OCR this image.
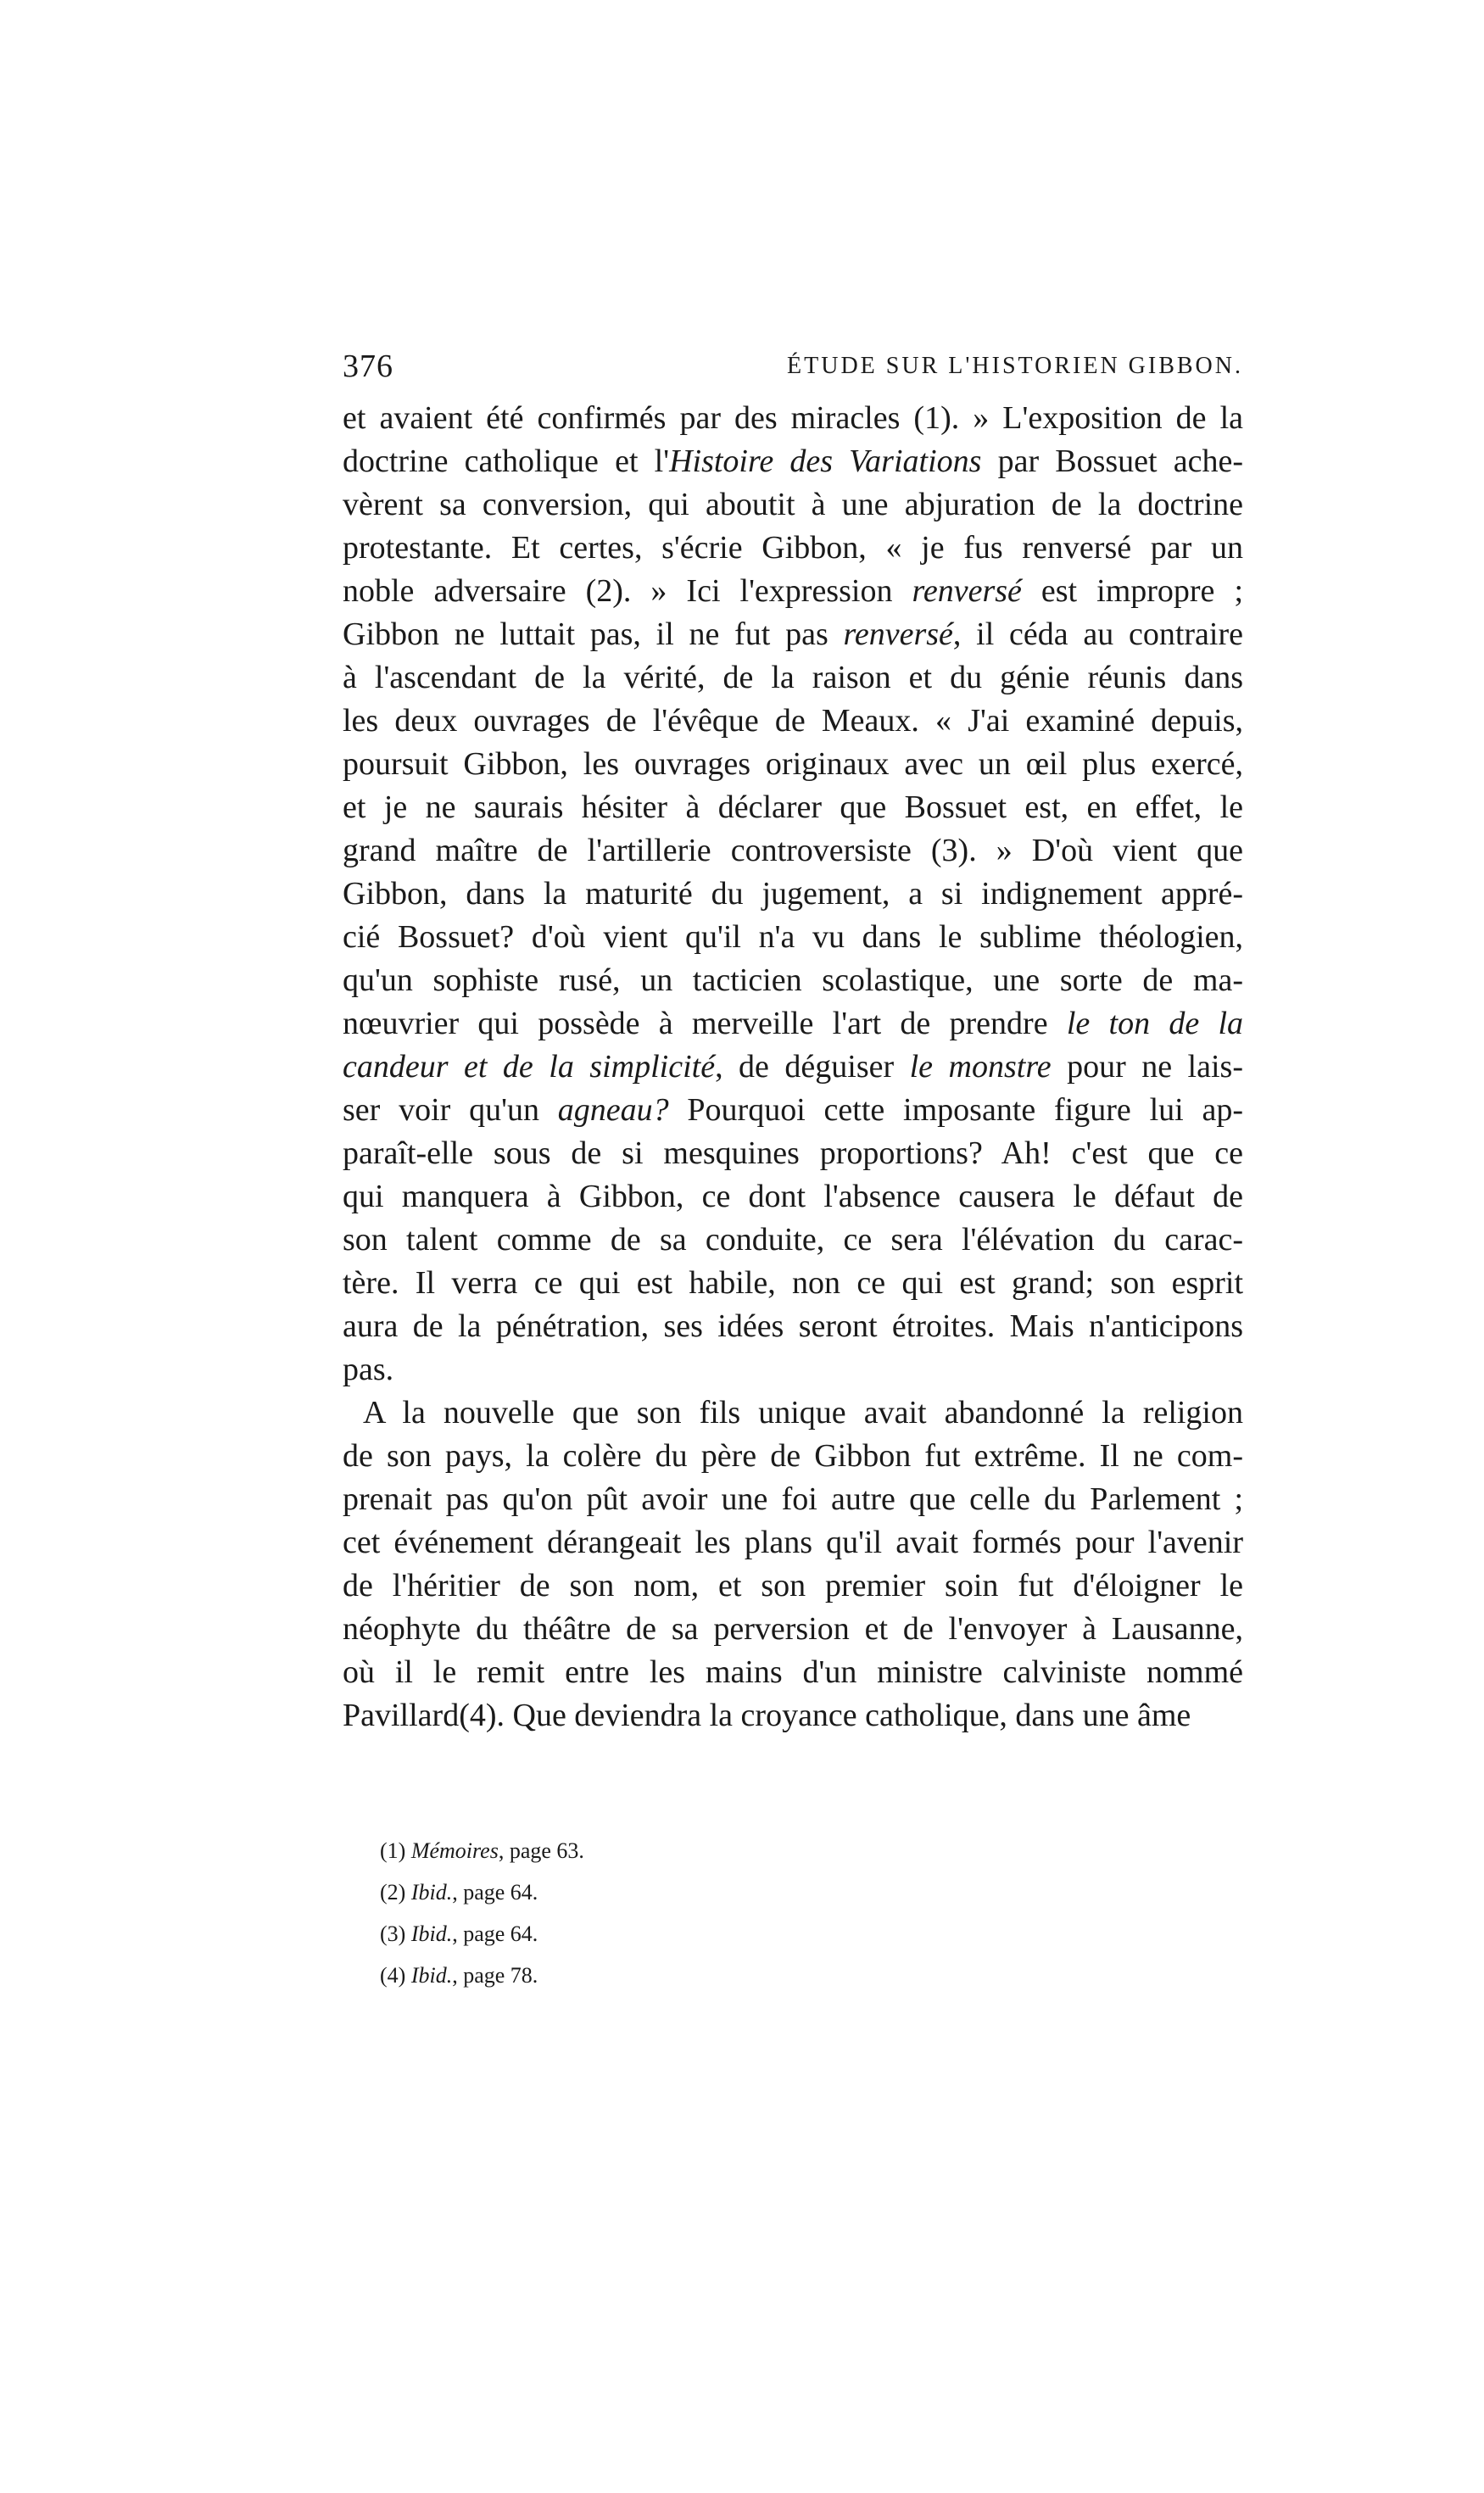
376	ÉTUDE SUR L'HISTORIEN GIBBON.
et avaient été confirmés par des miracles (1). » L'exposition de la
doctrine catholique et l'Histoire des Variations par Bossuet ache-
vèrent sa conversion, qui aboutit à une abjuration de la doctrine
protestante. Et certes, s'écrie Gibbon, « je fus renversé par un
noble adversaire (2). » Ici l'expression renversé est impropre ;
Gibbon ne luttait pas, il ne fut pas renversé, il céda au contraire
à l'ascendant de la vérité, de la raison et du génie réunis dans
les deux ouvrages de l'évêque de Meaux. « J'ai examiné depuis,
poursuit Gibbon, les ouvrages originaux avec un œil plus exercé,
et je ne saurais hésiter à déclarer que Bossuet est, en effet, le
grand maître de l'artillerie controversiste (3). » D'où vient que
Gibbon, dans la maturité du jugement, a si indignement appré-
cié Bossuet? d'où vient qu'il n'a vu dans le sublime théologien,
qu'un sophiste rusé, un tacticien scolastique, une sorte de ma-
nœuvrier qui possède à merveille l'art de prendre le ton de la
candeur et de la simplicité, de déguiser le monstre pour ne lais-
ser voir qu'un agneau? Pourquoi cette imposante figure lui ap-
paraît-elle sous de si mesquines proportions? Ah! c'est que ce
qui manquera à Gibbon, ce dont l'absence causera le défaut de
son talent comme de sa conduite, ce sera l'élévation du carac-
tère. Il verra ce qui est habile, non ce qui est grand; son esprit
aura de la pénétration, ses idées seront étroites. Mais n'anticipons
pas.
A la nouvelle que son fils unique avait abandonné la religion
de son pays, la colère du père de Gibbon fut extrême. Il ne com-
prenait pas qu'on pût avoir une foi autre que celle du Parlement ;
cet événement dérangeait les plans qu'il avait formés pour l'avenir
de l'héritier de son nom, et son premier soin fut d'éloigner le
néophyte du théâtre de sa perversion et de l'envoyer à Lausanne,
où il le remit entre les mains d'un ministre calviniste nommé
Pavillard(4). Que deviendra la croyance catholique, dans une âme
(1) Mémoires, page 63.
(2) Ibid., page 64.
(3) Ibid., page 64.
(4) Ibid., page 78.
